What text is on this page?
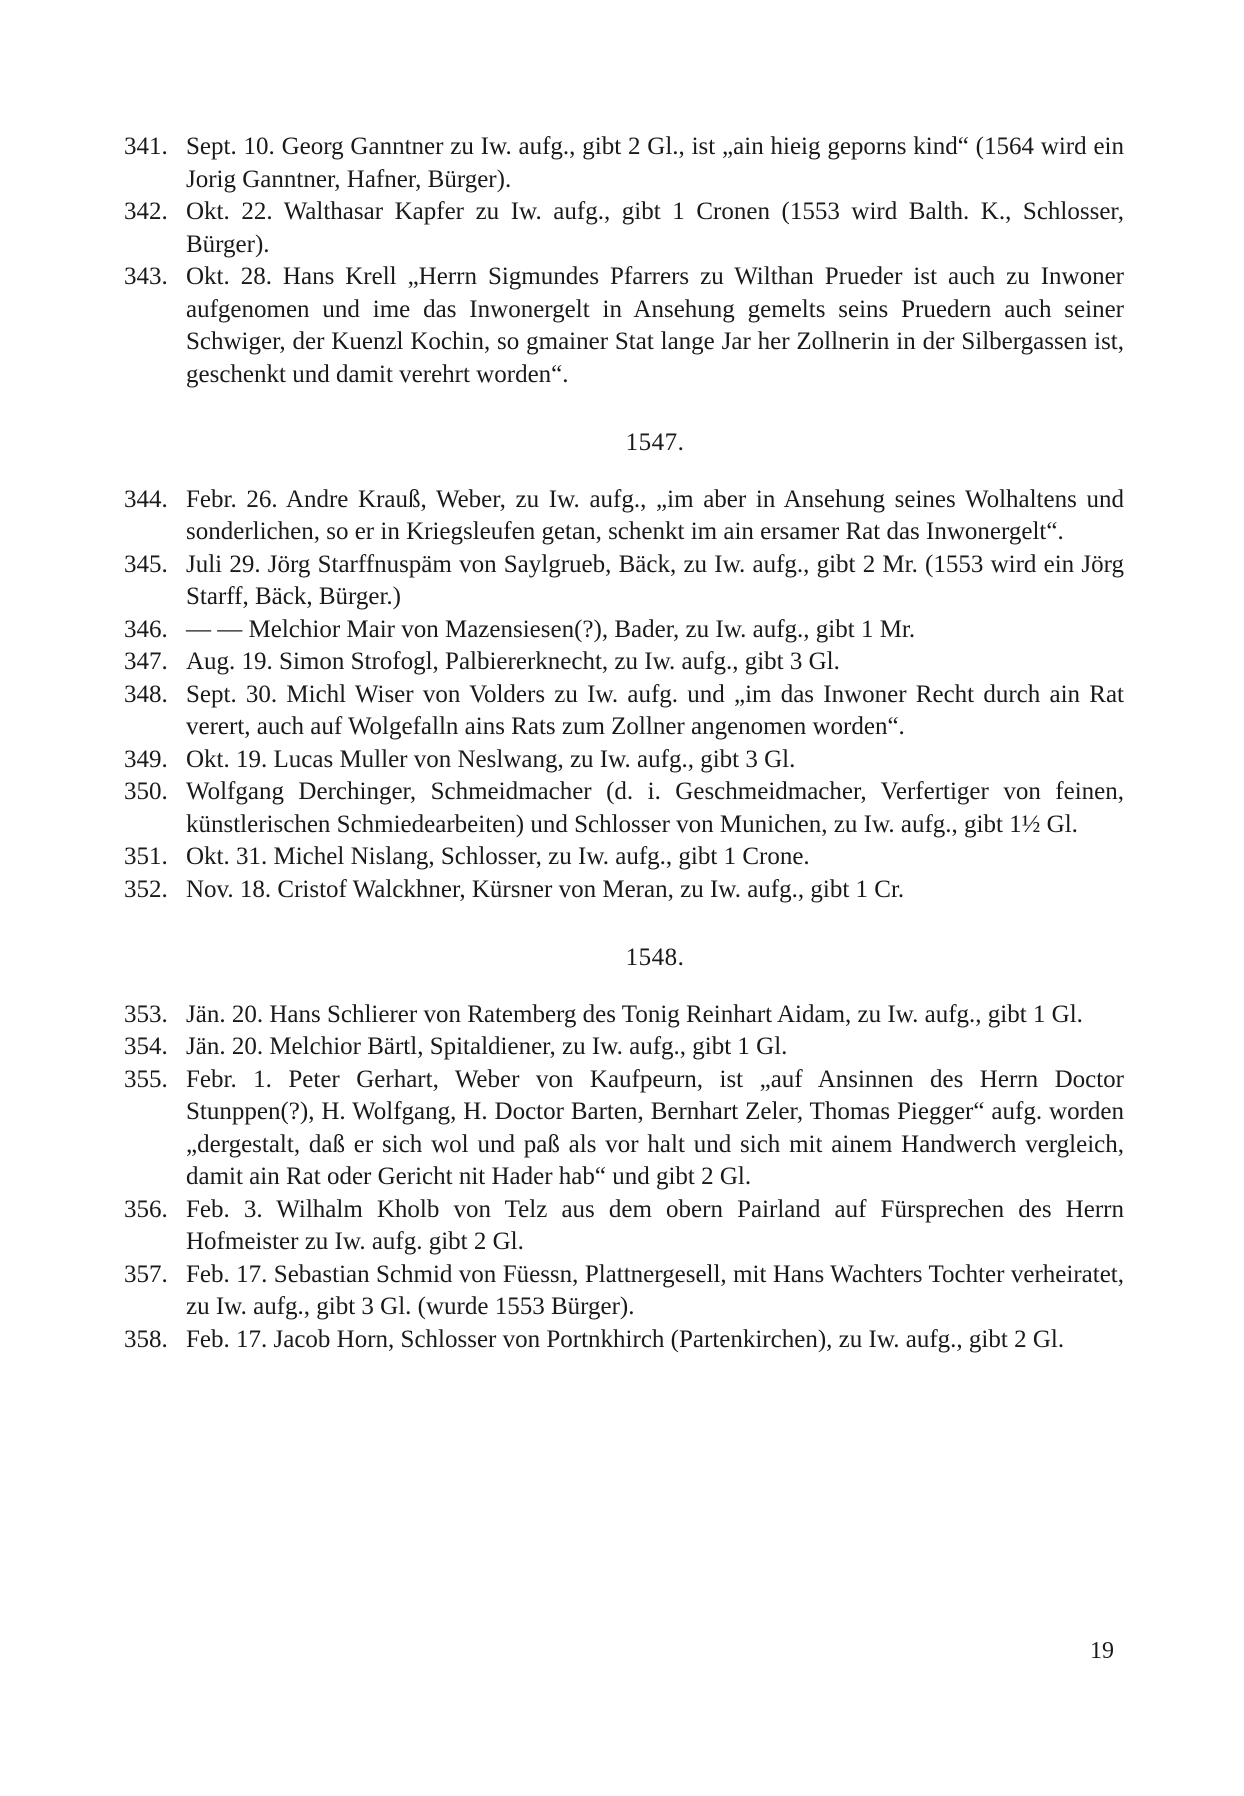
341. Sept. 10. Georg Ganntner zu Iw. aufg., gibt 2 Gl., ist „ain hieig geporns kind“ (1564 wird ein Jorig Ganntner, Hafner, Bürger).
342. Okt. 22. Walthasar Kapfer zu Iw. aufg., gibt 1 Cronen (1553 wird Balth. K., Schlosser, Bürger).
343. Okt. 28. Hans Krell „Herrn Sigmundes Pfarrers zu Wilthan Prueder ist auch zu Inwoner aufgenomen und ime das Inwonergelt in Ansehung gemelts seins Pruedern auch seiner Schwiger, der Kuenzl Kochin, so gmainer Stat lange Jar her Zollnerin in der Silbergassen ist, geschenkt und damit verehrt worden“.
1547.
344. Febr. 26. Andre Krauß, Weber, zu Iw. aufg., „im aber in Ansehung seines Wolhaltens und sonderlichen, so er in Kriegsleufen getan, schenkt im ain ersamer Rat das Inwonergelt“.
345. Juli 29. Jörg Starffnuspäm von Saylgrueb, Bäck, zu Iw. aufg., gibt 2 Mr. (1553 wird ein Jörg Starff, Bäck, Bürger.)
346. — — Melchior Mair von Mazensiesen(?), Bader, zu Iw. aufg., gibt 1 Mr.
347. Aug. 19. Simon Strofogl, Palbiererknecht, zu Iw. aufg., gibt 3 Gl.
348. Sept. 30. Michl Wiser von Volders zu Iw. aufg. und „im das Inwoner Recht durch ain Rat verert, auch auf Wolgefalln ains Rats zum Zollner angenomen worden“.
349. Okt. 19. Lucas Muller von Neslwang, zu Iw. aufg., gibt 3 Gl.
350. Wolfgang Derchinger, Schmeidmacher (d. i. Geschmeidmacher, Verfertiger von feinen, künstlerischen Schmiedearbeiten) und Schlosser von Munichen, zu Iw. aufg., gibt 1½ Gl.
351. Okt. 31. Michel Nislang, Schlosser, zu Iw. aufg., gibt 1 Crone.
352. Nov. 18. Cristof Walckhner, Kürsner von Meran, zu Iw. aufg., gibt 1 Cr.
1548.
353. Jän. 20. Hans Schlierer von Ratemberg des Tonig Reinhart Aidam, zu Iw. aufg., gibt 1 Gl.
354. Jän. 20. Melchior Bärtl, Spitaldiener, zu Iw. aufg., gibt 1 Gl.
355. Febr. 1. Peter Gerhart, Weber von Kaufpeurn, ist „auf Ansinnen des Herrn Doctor Stunppen(?), H. Wolfgang, H. Doctor Barten, Bernhart Zeler, Thomas Piegger“ aufg. worden „dergestalt, daß er sich wol und paß als vor halt und sich mit ainem Handwerch vergleich, damit ain Rat oder Gericht nit Hader hab“ und gibt 2 Gl.
356. Feb. 3. Wilhalm Kholb von Telz aus dem obern Pairland auf Fürsprechen des Herrn Hofmeister zu Iw. aufg. gibt 2 Gl.
357. Feb. 17. Sebastian Schmid von Füessn, Plattnergesell, mit Hans Wachters Tochter verheiratet, zu Iw. aufg., gibt 3 Gl. (wurde 1553 Bürger).
358. Feb. 17. Jacob Horn, Schlosser von Portnkhirch (Partenkirchen), zu Iw. aufg., gibt 2 Gl.
19
